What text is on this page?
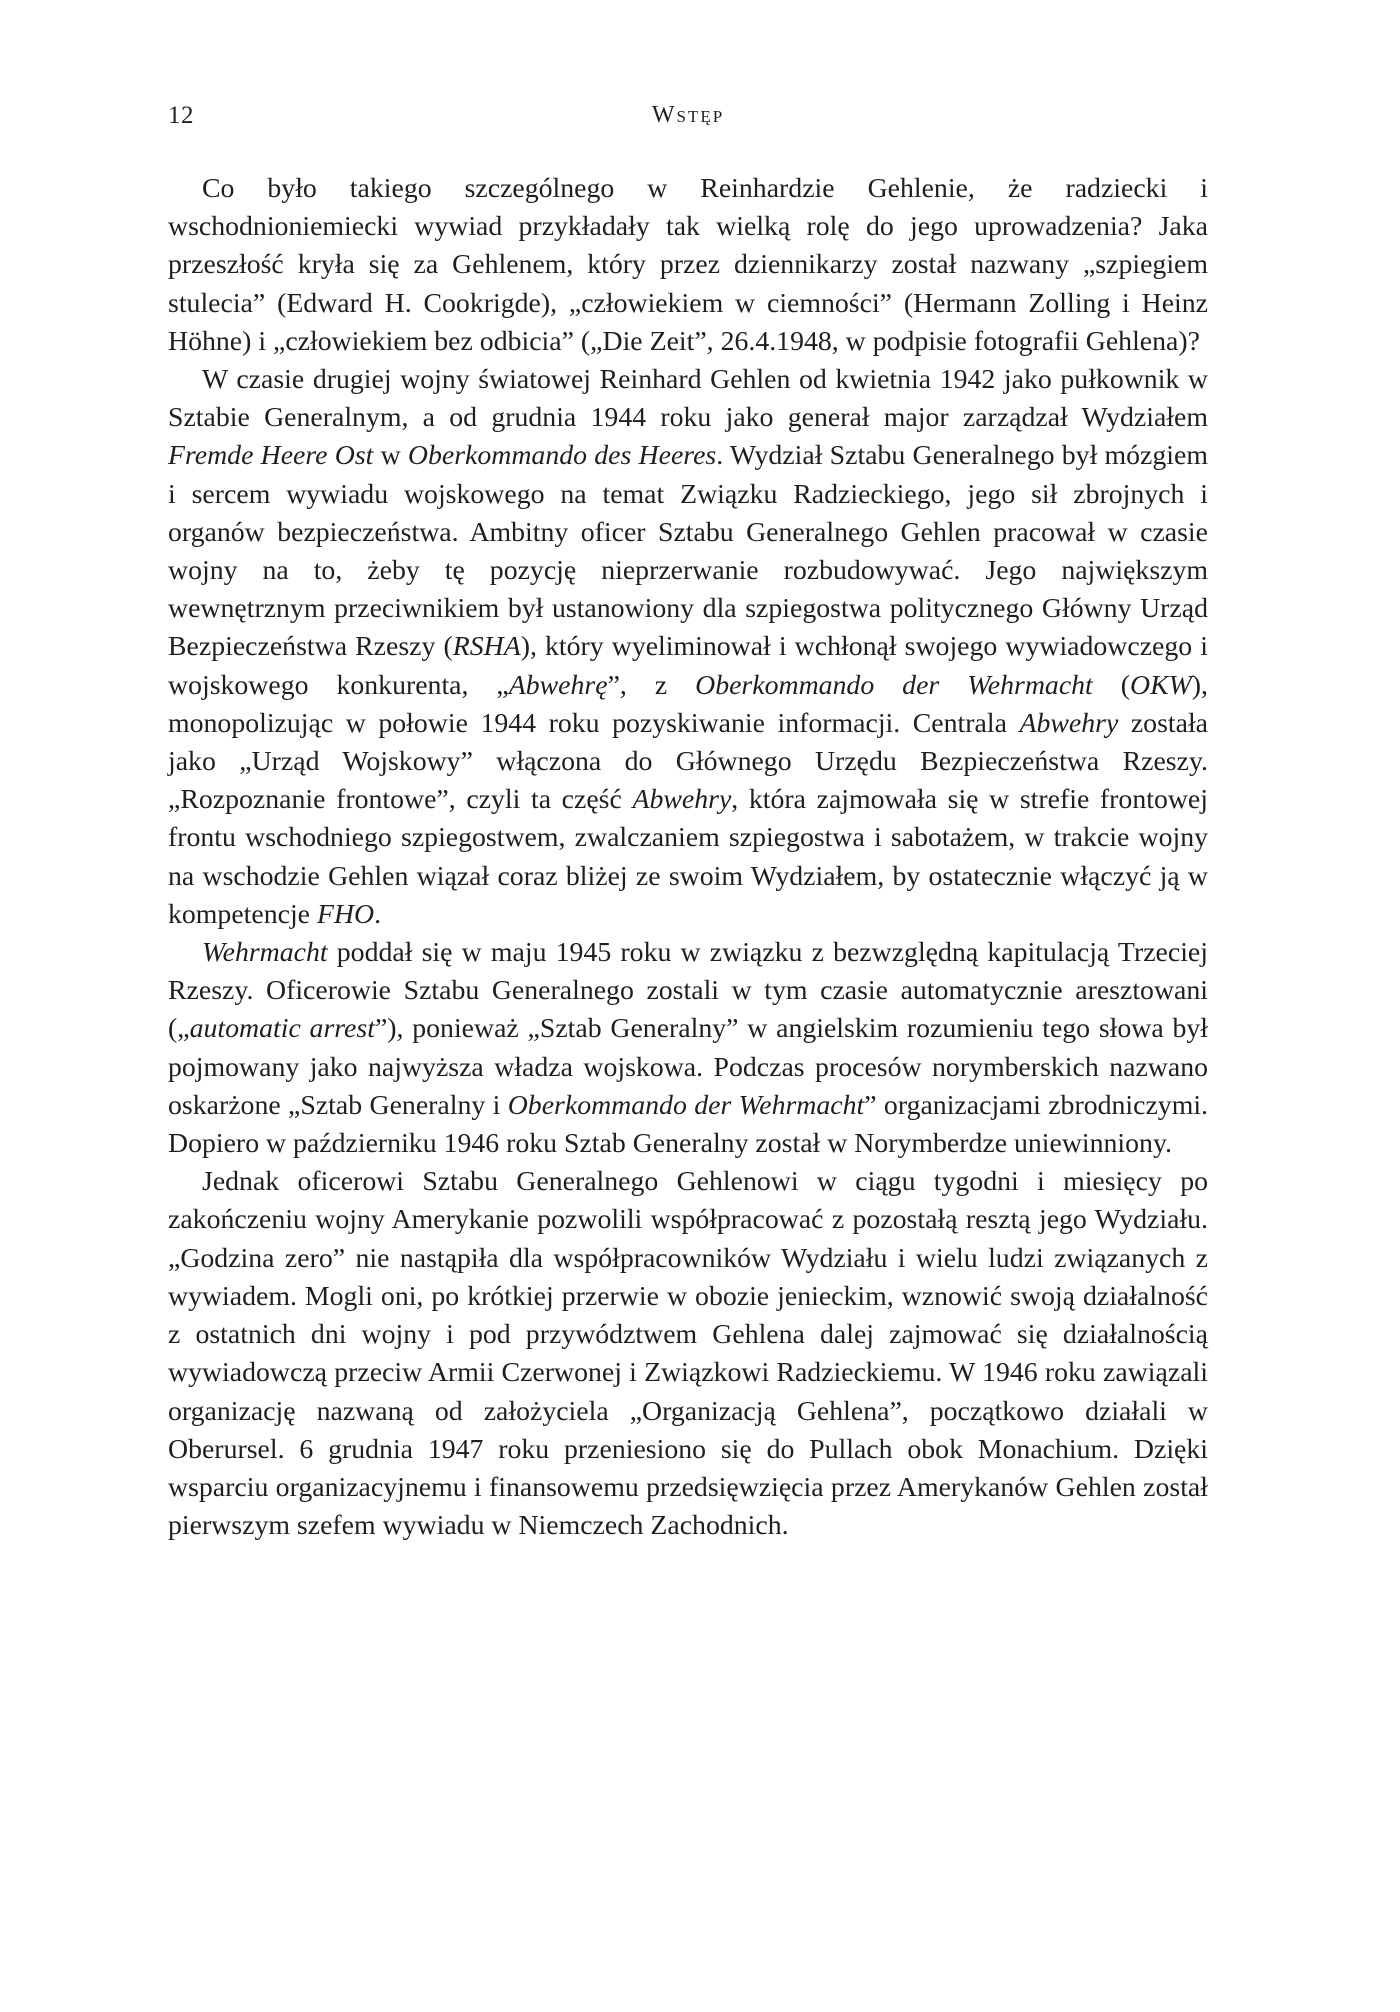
12	Wstęp

Co było takiego szczególnego w Reinhardzie Gehlenie, że radziecki i wschodnioniemiecki wywiad przykładały tak wielką rolę do jego uprowadzenia? Jaka przeszłość kryła się za Gehlenem, który przez dziennikarzy został nazwany „szpiegiem stulecia” (Edward H. Cookrigde), „człowiekiem w ciemności” (Hermann Zolling i Heinz Höhne) i „człowiekiem bez odbicia” („Die Zeit”, 26.4.1948, w podpisie fotografii Gehlena)?

W czasie drugiej wojny światowej Reinhard Gehlen od kwietnia 1942 jako pułkownik w Sztabie Generalnym, a od grudnia 1944 roku jako generał major zarządzał Wydziałem Fremde Heere Ost w Oberkommando des Heeres. Wydział Sztabu Generalnego był mózgiem i sercem wywiadu wojskowego na temat Związku Radzieckiego, jego sił zbrojnych i organów bezpieczeństwa. Ambitny oficer Sztabu Generalnego Gehlen pracował w czasie wojny na to, żeby tę pozycję nieprzerwanie rozbudowywać. Jego największym wewnętrznym przeciwnikiem był ustanowiony dla szpiegostwa politycznego Główny Urząd Bezpieczeństwa Rzeszy (RSHA), który wyeliminował i wchłonął swojego wywiadowczego i wojskowego konkurenta, „Abwehrę”, z Oberkommando der Wehrmacht (OKW), monopolizując w połowie 1944 roku pozyskiwanie informacji. Centrala Abwehry została jako „Urząd Wojskowy” włączona do Głównego Urzędu Bezpieczeństwa Rzeszy. „Rozpoznanie frontowe”, czyli ta część Abwehry, która zajmowała się w strefie frontowej frontu wschodniego szpiegostwem, zwalczaniem szpiegostwa i sabotażem, w trakcie wojny na wschodzie Gehlen wiązał coraz bliżej ze swoim Wydziałem, by ostatecznie włączyć ją w kompetencje FHO.

Wehrmacht poddał się w maju 1945 roku w związku z bezwzględną kapitulacją Trzeciej Rzeszy. Oficerowie Sztabu Generalnego zostali w tym czasie automatycznie aresztowani („automatic arrest”), ponieważ „Sztab Generalny” w angielskim rozumieniu tego słowa był pojmowany jako najwyższa władza wojskowa. Podczas procesów norymberskich nazwano oskarżone „Sztab Generalny i Oberkommando der Wehrmacht” organizacjami zbrodniczymi. Dopiero w październiku 1946 roku Sztab Generalny został w Norymberdze uniewinniony.

Jednak oficerowi Sztabu Generalnego Gehlenowi w ciągu tygodni i miesięcy po zakończeniu wojny Amerykanie pozwolili współpracować z pozostałą resztą jego Wydziału. „Godzina zero” nie nastąpiła dla współpracowników Wydziału i wielu ludzi związanych z wywiadem. Mogli oni, po krótkiej przerwie w obozie jenieckim, wznowić swoją działalność z ostatnich dni wojny i pod przywództwem Gehlena dalej zajmować się działalnością wywiadowczą przeciw Armii Czerwonej i Związkowi Radzieckiemu. W 1946 roku zawiązali organizację nazwaną od założyciela „Organizacją Gehlena”, początkowo działali w Oberursel. 6 grudnia 1947 roku przeniesiono się do Pullach obok Monachium. Dzięki wsparciu organizacyjnemu i finansowemu przedsięwzięcia przez Amerykanów Gehlen został pierwszym szefem wywiadu w Niemczech Zachodnich.
